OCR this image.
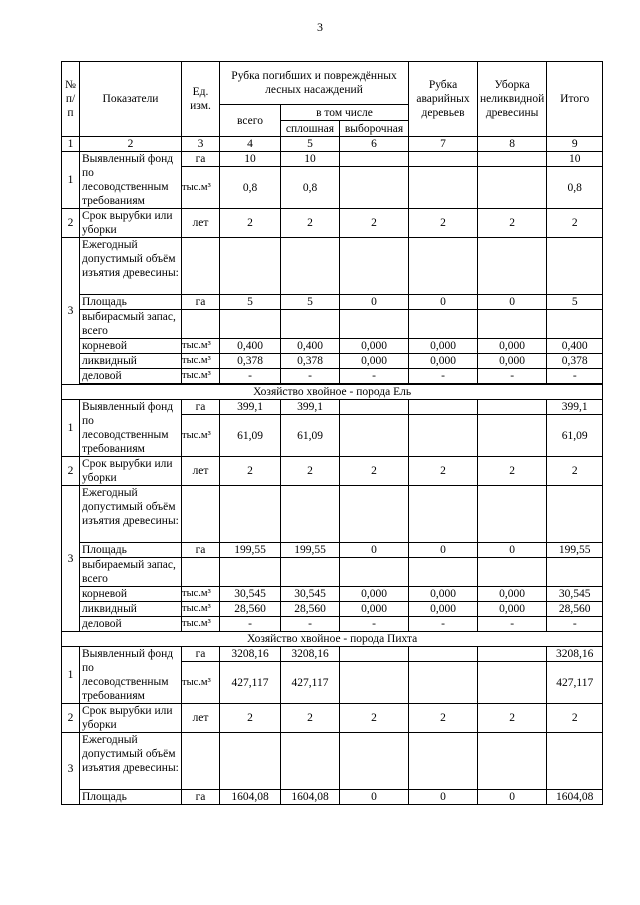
3
№ п/п	Показатели	Ед. изм.	Рубка погибших и повреждённых лесных насаждений			Рубка аварийных деревьев	Уборка неликвидной древесины	Итого
			всего	в том числе				
				сплошная	выборочная			
1	2	3	4	5	6	7	8	9
1	Выявленный фонд по лесоводственным требованиям	га	10	10				10
		тыс.м³	0,8	0,8				0,8
2	Срок вырубки или уборки	лет	2	2	2	2	2	2
3	Ежегодный допустимый объём изъятия древесины:							
	Площадь	га	5	5	0	0	0	5
	выбирасмый запас, всего							
	корневой	тыс.м³	0,400	0,400	0,000	0,000	0,000	0,400
	ликвидный	тыс.м³	0,378	0,378	0,000	0,000	0,000	0,378
	деловой	тыс.м³	-	-	-	-	-	-

Хозяйство хвойное - порода Ель								
1	Выявленный фонд по лесоводственным требованиям	га	399,1	399,1				399,1
		тыс.м³	61,09	61,09				61,09
2	Срок вырубки или уборки	лет	2	2	2	2	2	2
3	Ежегодный допустимый объём изъятия древесины:							
	Площадь	га	199,55	199,55	0	0	0	199,55
	выбираемый запас, всего							
	корневой	тыс.м³	30,545	30,545	0,000	0,000	0,000	30,545
	ликвидный	тыс.м³	28,560	28,560	0,000	0,000	0,000	28,560
	деловой	тыс.м³	-	-	-	-	-	-
Хозяйство хвойное - порода Пихта								
1	Выявленный фонд по лесоводственным требованиям	га	3208,16	3208,16				3208,16
		тыс.м³	427,117	427,117				427,117
2	Срок вырубки или уборки	лет	2	2	2	2	2	2
3	Ежегодный допустимый объём изъятия древесины:							
	Площадь	га	1604,08	1604,08	0	0	0	1604,08
